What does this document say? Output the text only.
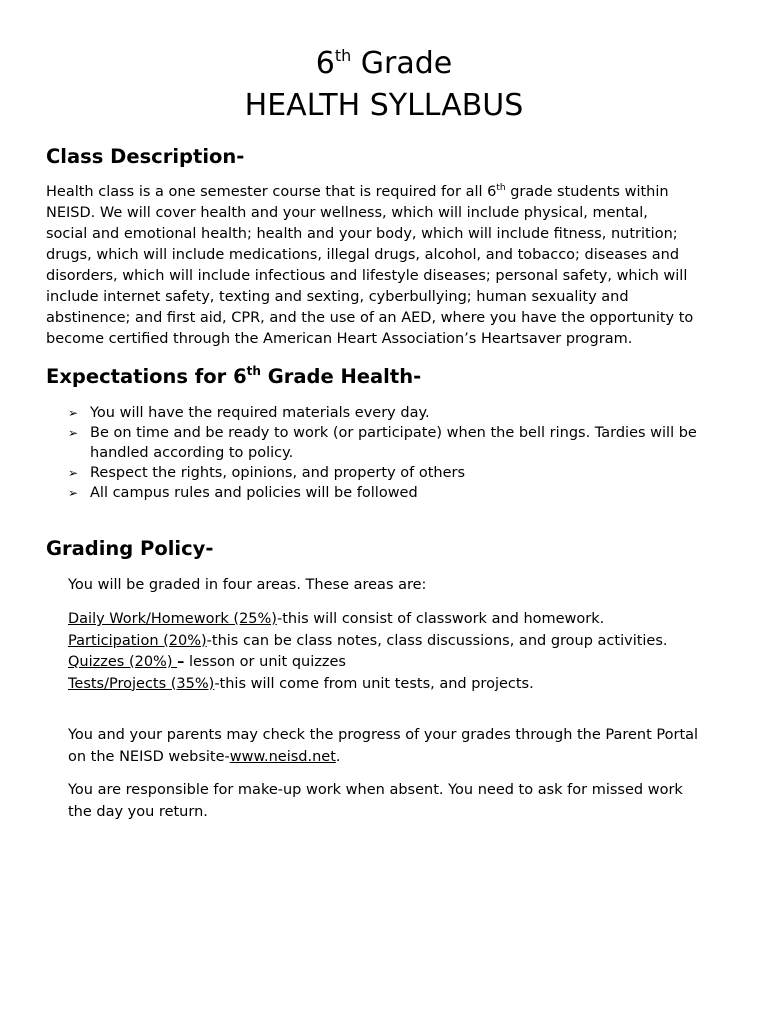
6th Grade
HEALTH SYLLABUS
Class Description-
Health class is a one semester course that is required for all 6th grade students within
NEISD. We will cover health and your wellness, which will include physical, mental,
social and emotional health; health and your body, which will include fitness, nutrition;
drugs, which will include medications, illegal drugs, alcohol, and tobacco; diseases and
disorders, which will include infectious and lifestyle diseases; personal safety, which will
include internet safety, texting and sexting, cyberbullying; human sexuality and
abstinence; and first aid, CPR, and the use of an AED, where you have the opportunity to
become certified through the American Heart Association’s Heartsaver program.
Expectations for 6th Grade Health-
➢ You will have the required materials every day.
➢ Be on time and be ready to work (or participate) when the bell rings. Tardies will be handled according to policy.
➢ Respect the rights, opinions, and property of others
➢ All campus rules and policies will be followed
Grading Policy-
You will be graded in four areas. These areas are:
Daily Work/Homework (25%)-this will consist of classwork and homework.
Participation (20%)-this can be class notes, class discussions, and group activities.
Quizzes (20%) – lesson or unit quizzes
Tests/Projects (35%)-this will come from unit tests, and projects.
You and your parents may check the progress of your grades through the Parent Portal
on the NEISD website-www.neisd.net.
You are responsible for make-up work when absent. You need to ask for missed work
the day you return.
